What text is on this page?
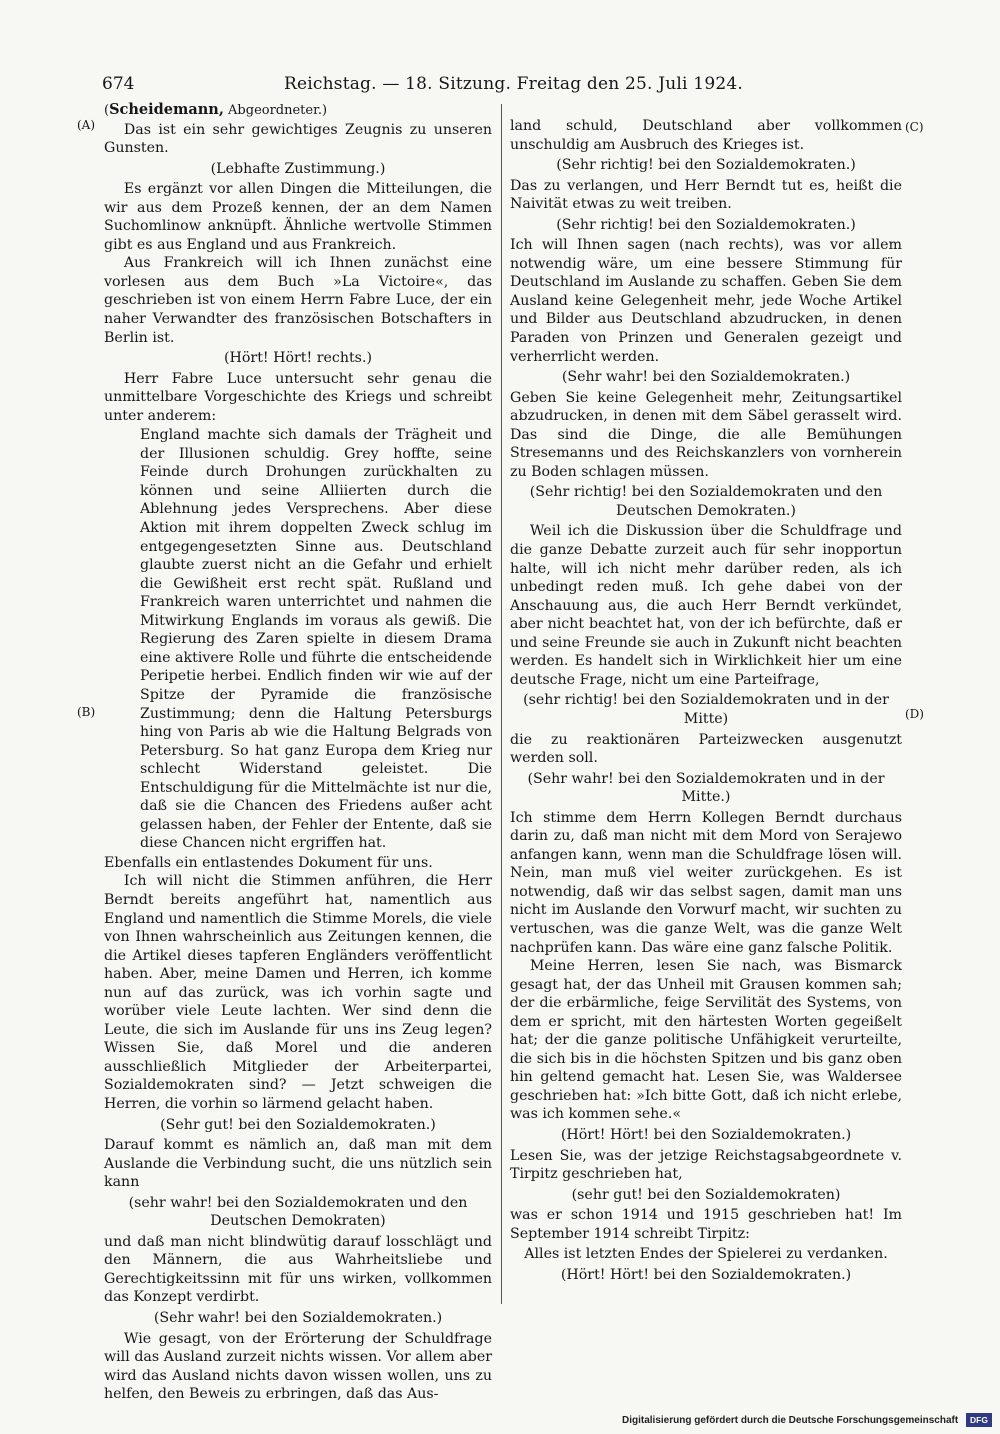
674	Reichstag. — 18. Sitzung. Freitag den 25. Juli 1924.
(A)
(B)
(C)
(D)

(Scheidemann, Abgeordneter.)

Das ist ein sehr gewichtiges Zeugnis zu unseren Gunsten.

(Lebhafte Zustimmung.)

Es ergänzt vor allen Dingen die Mitteilungen, die wir aus dem Prozeß kennen, der an dem Namen Suchomlinow anknüpft. Ähnliche wertvolle Stimmen gibt es aus England und aus Frankreich.

Aus Frankreich will ich Ihnen zunächst eine vorlesen aus dem Buch »La Victoire«, das geschrieben ist von einem Herrn Fabre Luce, der ein naher Verwandter des französischen Botschafters in Berlin ist.

(Hört! Hört! rechts.)

Herr Fabre Luce untersucht sehr genau die unmittelbare Vorgeschichte des Kriegs und schreibt unter anderem:

England machte sich damals der Trägheit und der Illusionen schuldig. Grey hoffte, seine Feinde durch Drohungen zurückhalten zu können und seine Alliierten durch die Ablehnung jedes Versprechens. Aber diese Aktion mit ihrem doppelten Zweck schlug im entgegengesetzten Sinne aus. Deutschland glaubte zuerst nicht an die Gefahr und erhielt die Gewißheit erst recht spät. Rußland und Frankreich waren unterrichtet und nahmen die Mitwirkung Englands im voraus als gewiß. Die Regierung des Zaren spielte in diesem Drama eine aktivere Rolle und führte die entscheidende Peripetie herbei. Endlich finden wir wie auf der Spitze der Pyramide die französische Zustimmung; denn die Haltung Petersburgs hing von Paris ab wie die Haltung Belgrads von Petersburg. So hat ganz Europa dem Krieg nur schlecht Widerstand geleistet. Die Entschuldigung für die Mittelmächte ist nur die, daß sie die Chancen des Friedens außer acht gelassen haben, der Fehler der Entente, daß sie diese Chancen nicht ergriffen hat.

Ebenfalls ein entlastendes Dokument für uns.

Ich will nicht die Stimmen anführen, die Herr Berndt bereits angeführt hat, namentlich aus England und namentlich die Stimme Morels, die viele von Ihnen wahrscheinlich aus Zeitungen kennen, die die Artikel dieses tapferen Engländers veröffentlicht haben. Aber, meine Damen und Herren, ich komme nun auf das zurück, was ich vorhin sagte und worüber viele Leute lachten. Wer sind denn die Leute, die sich im Auslande für uns ins Zeug legen? Wissen Sie, daß Morel und die anderen ausschließlich Mitglieder der Arbeiterpartei, Sozialdemokraten sind? — Jetzt schweigen die Herren, die vorhin so lärmend gelacht haben.

(Sehr gut! bei den Sozialdemokraten.)

Darauf kommt es nämlich an, daß man mit dem Auslande die Verbindung sucht, die uns nützlich sein kann

(sehr wahr! bei den Sozialdemokraten und den Deutschen Demokraten)

und daß man nicht blindwütig darauf losschlägt und den Männern, die aus Wahrheitsliebe und Gerechtigkeitssinn mit für uns wirken, vollkommen das Konzept verdirbt.

(Sehr wahr! bei den Sozialdemokraten.)

Wie gesagt, von der Erörterung der Schuldfrage will das Ausland zurzeit nichts wissen. Vor allem aber wird das Ausland nichts davon wissen wollen, uns zu helfen, den Beweis zu erbringen, daß das Aus-

land schuld, Deutschland aber vollkommen unschuldig am Ausbruch des Krieges ist.

(Sehr richtig! bei den Sozialdemokraten.)

Das zu verlangen, und Herr Berndt tut es, heißt die Naivität etwas zu weit treiben.

(Sehr richtig! bei den Sozialdemokraten.)

Ich will Ihnen sagen (nach rechts), was vor allem notwendig wäre, um eine bessere Stimmung für Deutschland im Auslande zu schaffen. Geben Sie dem Ausland keine Gelegenheit mehr, jede Woche Artikel und Bilder aus Deutschland abzudrucken, in denen Paraden von Prinzen und Generalen gezeigt und verherrlicht werden.

(Sehr wahr! bei den Sozialdemokraten.)

Geben Sie keine Gelegenheit mehr, Zeitungsartikel abzudrucken, in denen mit dem Säbel gerasselt wird. Das sind die Dinge, die alle Bemühungen Stresemanns und des Reichskanzlers von vornherein zu Boden schlagen müssen.

(Sehr richtig! bei den Sozialdemokraten und den Deutschen Demokraten.)

Weil ich die Diskussion über die Schuldfrage und die ganze Debatte zurzeit auch für sehr inopportun halte, will ich nicht mehr darüber reden, als ich unbedingt reden muß. Ich gehe dabei von der Anschauung aus, die auch Herr Berndt verkündet, aber nicht beachtet hat, von der ich befürchte, daß er und seine Freunde sie auch in Zukunft nicht beachten werden. Es handelt sich in Wirklichkeit hier um eine deutsche Frage, nicht um eine Parteifrage,

(sehr richtig! bei den Sozialdemokraten und in der Mitte)

die zu reaktionären Parteizwecken ausgenutzt werden soll.

(Sehr wahr! bei den Sozialdemokraten und in der Mitte.)

Ich stimme dem Herrn Kollegen Berndt durchaus darin zu, daß man nicht mit dem Mord von Serajewo anfangen kann, wenn man die Schuldfrage lösen will. Nein, man muß viel weiter zurückgehen. Es ist notwendig, daß wir das selbst sagen, damit man uns nicht im Auslande den Vorwurf macht, wir suchten zu vertuschen, was die ganze Welt, was die ganze Welt nachprüfen kann. Das wäre eine ganz falsche Politik.

Meine Herren, lesen Sie nach, was Bismarck gesagt hat, der das Unheil mit Grausen kommen sah; der die erbärmliche, feige Servilität des Systems, von dem er spricht, mit den härtesten Worten gegeißelt hat; der die ganze politische Unfähigkeit verurteilte, die sich bis in die höchsten Spitzen und bis ganz oben hin geltend gemacht hat. Lesen Sie, was Waldersee geschrieben hat: »Ich bitte Gott, daß ich nicht erlebe, was ich kommen sehe.«

(Hört! Hört! bei den Sozialdemokraten.)

Lesen Sie, was der jetzige Reichstagsabgeordnete v. Tirpitz geschrieben hat,

(sehr gut! bei den Sozialdemokraten)

was er schon 1914 und 1915 geschrieben hat! Im September 1914 schreibt Tirpitz:

Alles ist letzten Endes der Spielerei zu verdanken.

(Hört! Hört! bei den Sozialdemokraten.)

Digitalisierung gefördert durch die Deutsche Forschungsgemeinschaft	DFG
